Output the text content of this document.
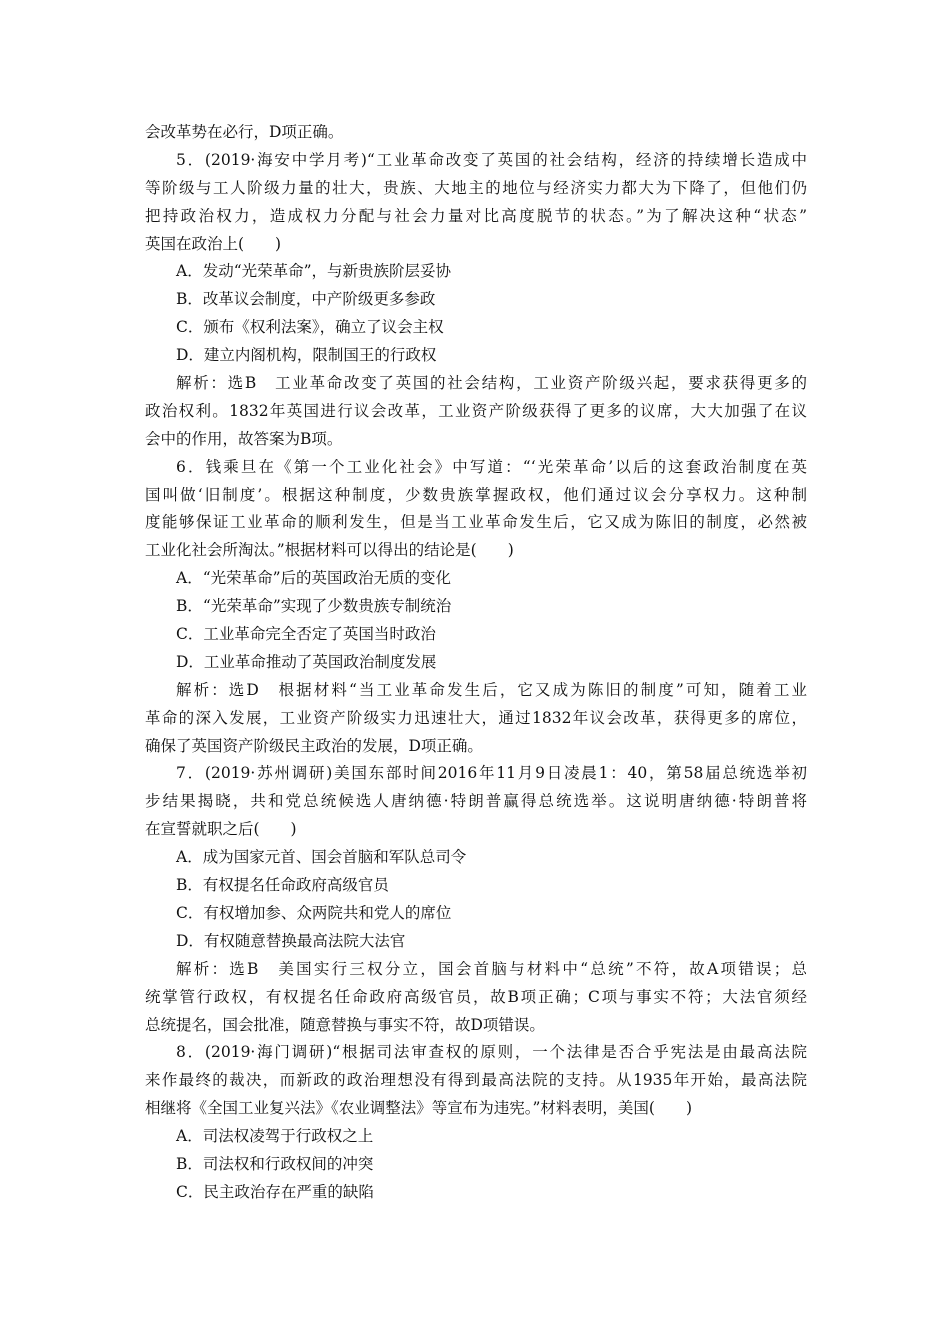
会改革势在必行，D项正确。
5．(2019·海安中学月考)“工业革命改变了英国的社会结构，经济的持续增长造成中
等阶级与工人阶级力量的壮大，贵族、大地主的地位与经济实力都大为下降了，但他们仍
把持政治权力，造成权力分配与社会力量对比高度脱节的状态。”为了解决这种“状态”
英国在政治上(　　)
A．发动“光荣革命”，与新贵族阶层妥协
B．改革议会制度，中产阶级更多参政
C．颁布《权利法案》，确立了议会主权
D．建立内阁机构，限制国王的行政权
解析：选B　工业革命改变了英国的社会结构，工业资产阶级兴起，要求获得更多的
政治权利。1832年英国进行议会改革，工业资产阶级获得了更多的议席，大大加强了在议
会中的作用，故答案为B项。
6．钱乘旦在《第一个工业化社会》中写道：“‘光荣革命’以后的这套政治制度在英
国叫做‘旧制度’。根据这种制度，少数贵族掌握政权，他们通过议会分享权力。这种制
度能够保证工业革命的顺利发生，但是当工业革命发生后，它又成为陈旧的制度，必然被
工业化社会所淘汰。”根据材料可以得出的结论是(　　)
A．“光荣革命”后的英国政治无质的变化
B．“光荣革命”实现了少数贵族专制统治
C．工业革命完全否定了英国当时政治
D．工业革命推动了英国政治制度发展
解析：选D　根据材料“当工业革命发生后，它又成为陈旧的制度”可知，随着工业
革命的深入发展，工业资产阶级实力迅速壮大，通过1832年议会改革，获得更多的席位，
确保了英国资产阶级民主政治的发展，D项正确。
7．(2019·苏州调研)美国东部时间2016年11月9日凌晨1：40，第58届总统选举初
步结果揭晓，共和党总统候选人唐纳德·特朗普赢得总统选举。这说明唐纳德·特朗普将
在宣誓就职之后(　　)
A．成为国家元首、国会首脑和军队总司令
B．有权提名任命政府高级官员
C．有权增加参、众两院共和党人的席位
D．有权随意替换最高法院大法官
解析：选B　美国实行三权分立，国会首脑与材料中“总统”不符，故A项错误；总
统掌管行政权，有权提名任命政府高级官员，故B项正确；C项与事实不符；大法官须经
总统提名，国会批准，随意替换与事实不符，故D项错误。
8．(2019·海门调研)“根据司法审查权的原则，一个法律是否合乎宪法是由最高法院
来作最终的裁决，而新政的政治理想没有得到最高法院的支持。从1935年开始，最高法院
相继将《全国工业复兴法》《农业调整法》等宣布为违宪。”材料表明，美国(　　)
A．司法权凌驾于行政权之上
B．司法权和行政权间的冲突
C．民主政治存在严重的缺陷
